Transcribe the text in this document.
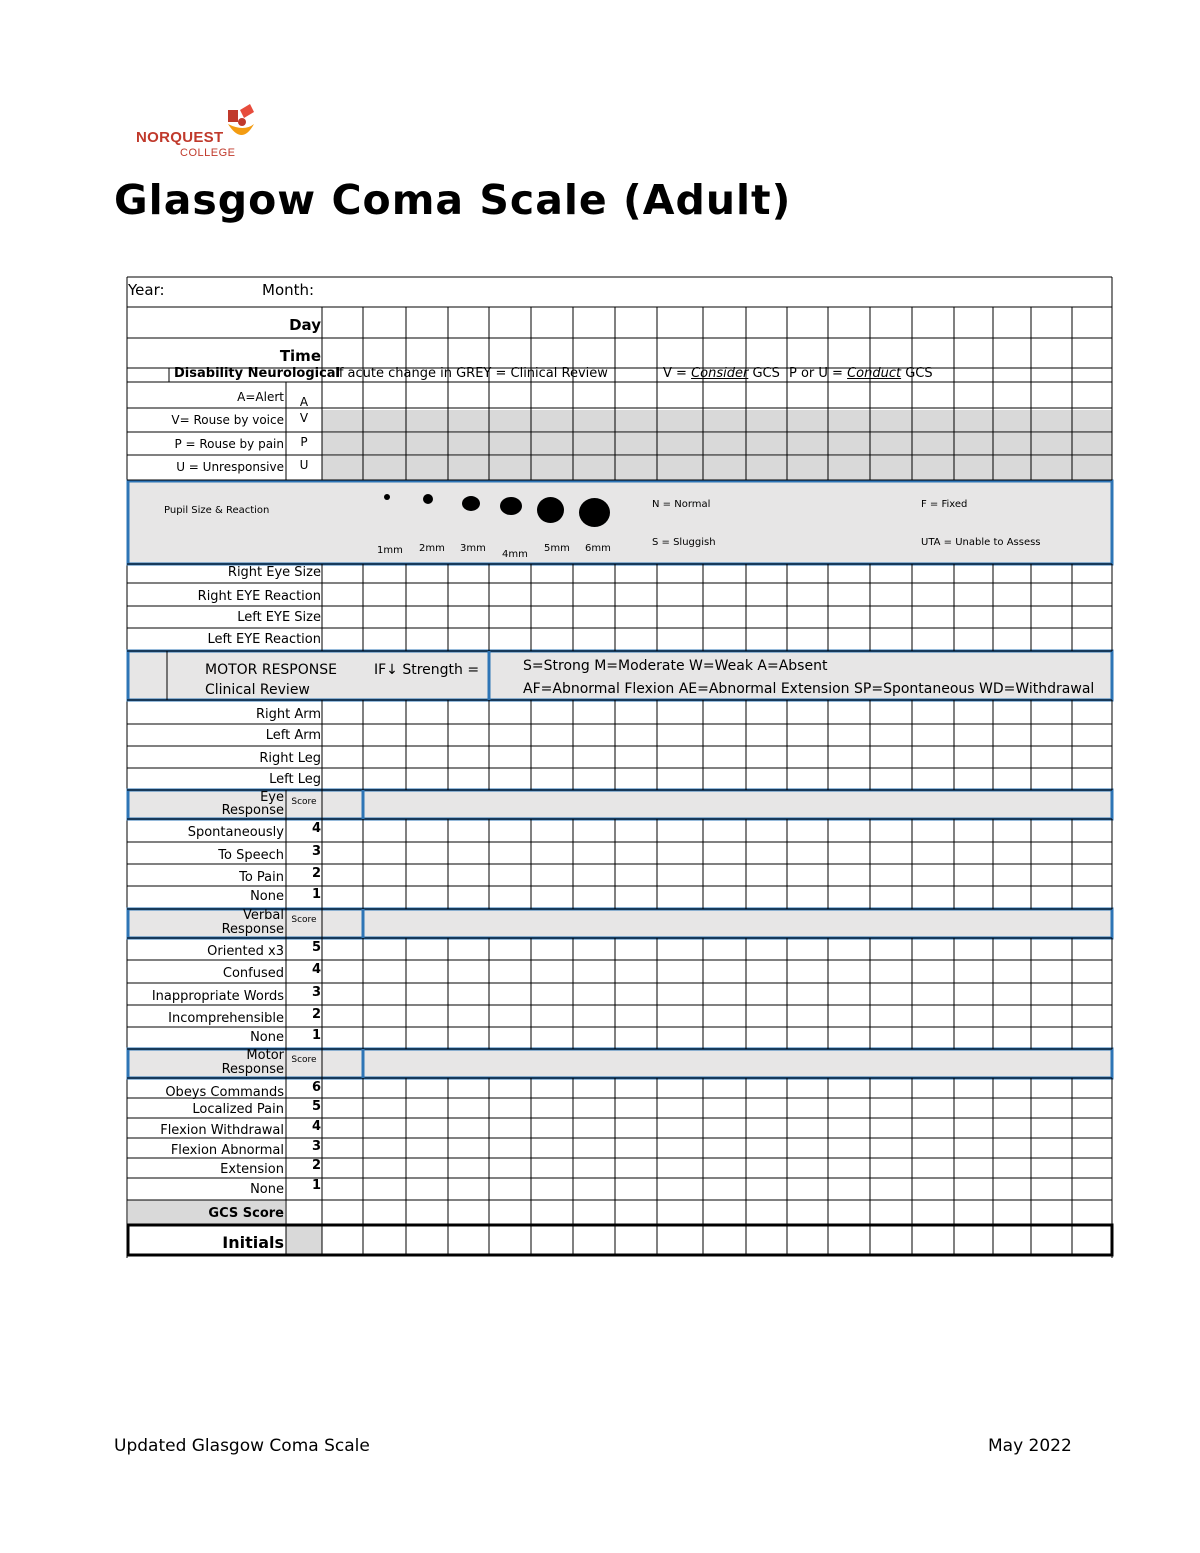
NORQUEST
COLLEGE
Glasgow Coma Scale (Adult)
Year:	Month:
Day
Time
Disability Neurological
If acute change in GREY = Clinical Review	V = Consider GCS P or U = Conduct GCS
A=Alert	A
V= Rouse by voice	V
P = Rouse by pain	P
U = Unresponsive	U
Pupil Size & Reaction
1mm 2mm 3mm
4mm
5mm 6mm
N = Normal	F = Fixed
S = Sluggish	UTA = Unable to Assess
Right Eye Size
Right EYE Reaction
Left EYE Size
Left EYE Reaction
MOTOR RESPONSE
Clinical Review
IF↓ Strength =	S=Strong M=Moderate W=Weak A=Absent
AF=Abnormal Flexion AE=Abnormal Extension SP=Spontaneous WD=Withdrawal
Right Arm
Left Arm
Right Leg
Left Leg
Eye
Response
Score
Spontaneously	4
To Speech	3
To Pain	2
None	1
Verbal
Response
Score
Oriented x3	5
Confused	4
Inappropriate Words	3
Incomprehensible	2
None	1
Motor
Response
Score
Obeys Commands	6
Localized Pain	5
Flexion Withdrawal	4
Flexion Abnormal	3
Extension	2
None	1
GCS Score
Initials
Updated Glasgow Coma Scale	May 2022
